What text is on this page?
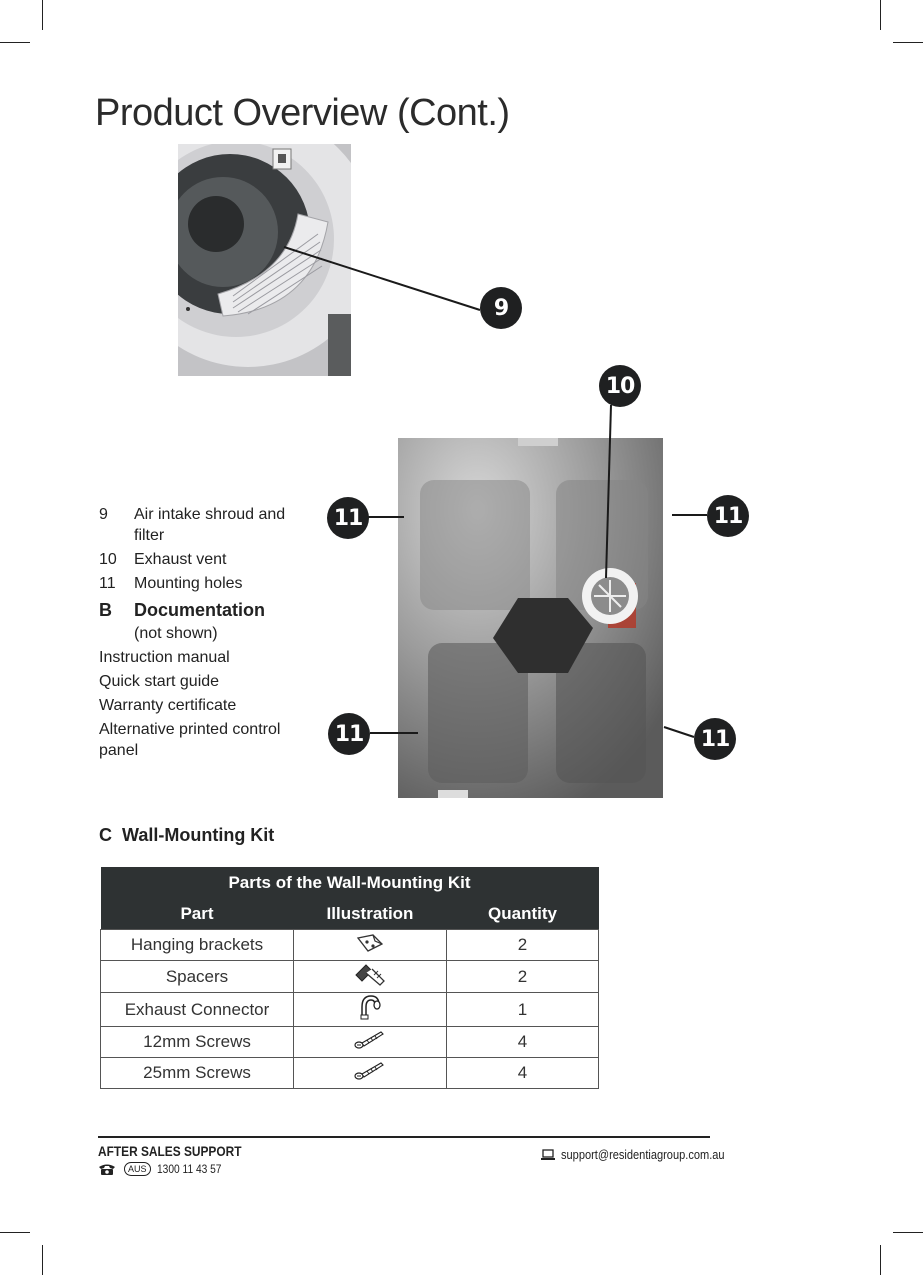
Product Overview (Cont.)
9
10
11	11
11	11
9 Air intake shroud and
filter
10 Exhaust vent
11 Mounting holes
B Documentation
(not shown)
Instruction manual
Quick start guide
Warranty certificate
Alternative printed control
panel
C Wall-Mounting Kit
Parts of the Wall-Mounting Kit		
Part	Illustration	Quantity
Hanging brackets		2
Spacers		2
Exhaust Connector		1
12mm Screws		4
25mm Screws		4
AFTER SALES SUPPORT
AUS 1300 11 43 57
support@residentiagroup.com.au
